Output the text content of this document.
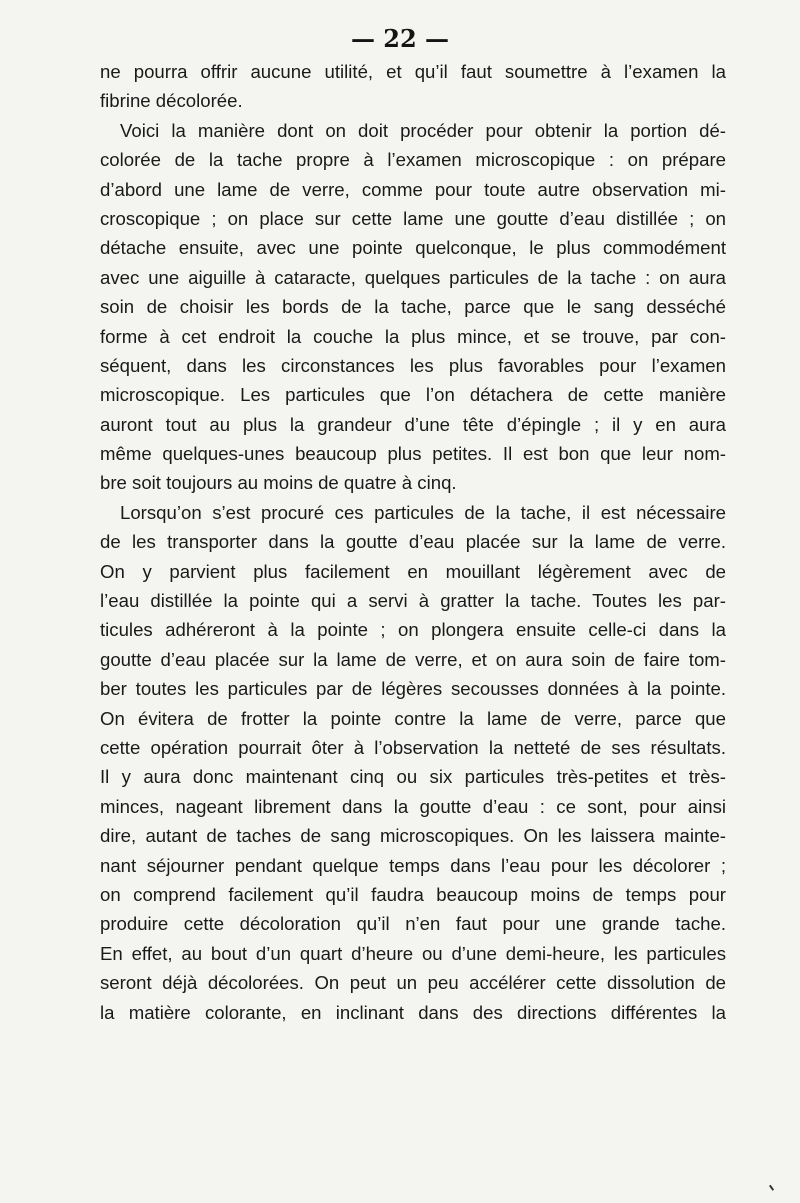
— 22 —
ne pourra offrir aucune utilité, et qu’il faut soumettre à l’examen la
fibrine décolorée.
Voici la manière dont on doit procéder pour obtenir la portion dé-
colorée de la tache propre à l’examen microscopique : on prépare
d’abord une lame de verre, comme pour toute autre observation mi-
croscopique ; on place sur cette lame une goutte d’eau distillée ; on
détache ensuite, avec une pointe quelconque, le plus commodément
avec une aiguille à cataracte, quelques particules de la tache : on aura
soin de choisir les bords de la tache, parce que le sang desséché
forme à cet endroit la couche la plus mince, et se trouve, par con-
séquent, dans les circonstances les plus favorables pour l’examen
microscopique. Les particules que l’on détachera de cette manière
auront tout au plus la grandeur d’une tête d’épingle ; il y en aura
même quelques-unes beaucoup plus petites. Il est bon que leur nom-
bre soit toujours au moins de quatre à cinq.
Lorsqu’on s’est procuré ces particules de la tache, il est nécessaire
de les transporter dans la goutte d’eau placée sur la lame de verre.
On y parvient plus facilement en mouillant légèrement avec de
l’eau distillée la pointe qui a servi à gratter la tache. Toutes les par-
ticules adhéreront à la pointe ; on plongera ensuite celle-ci dans la
goutte d’eau placée sur la lame de verre, et on aura soin de faire tom-
ber toutes les particules par de légères secousses données à la pointe.
On évitera de frotter la pointe contre la lame de verre, parce que
cette opération pourrait ôter à l’observation la netteté de ses résultats.
Il y aura donc maintenant cinq ou six particules très-petites et très-
minces, nageant librement dans la goutte d’eau : ce sont, pour ainsi
dire, autant de taches de sang microscopiques. On les laissera mainte-
nant séjourner pendant quelque temps dans l’eau pour les décolorer ;
on comprend facilement qu’il faudra beaucoup moins de temps pour
produire cette décoloration qu’il n’en faut pour une grande tache.
En effet, au bout d’un quart d’heure ou d’une demi-heure, les particules
seront déjà décolorées. On peut un peu accélérer cette dissolution de
la matière colorante, en inclinant dans des directions différentes la
